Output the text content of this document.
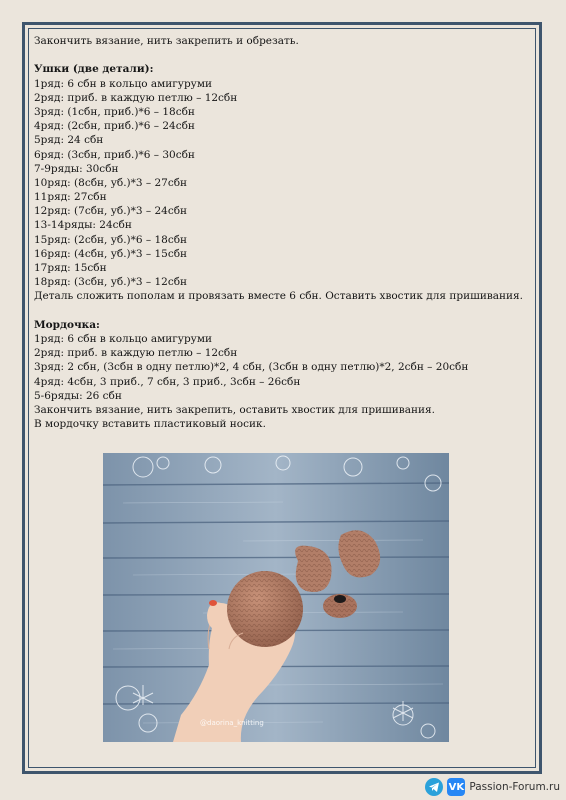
Закончить вязание, нить закрепить и обрезать.
Ушки (две детали):
1ряд: 6 сбн в кольцо амигуруми
2ряд: приб. в каждую петлю – 12сбн
3ряд: (1сбн, приб.)*6 – 18сбн
4ряд: (2сбн, приб.)*6 – 24сбн
5ряд: 24 сбн
6ряд: (3сбн, приб.)*6 – 30сбн
7-9ряды: 30сбн
10ряд: (8сбн, уб.)*3 – 27сбн
11ряд: 27сбн
12ряд: (7сбн, уб.)*3 – 24сбн
13-14ряды: 24сбн
15ряд: (2сбн, уб.)*6 – 18сбн
16ряд: (4сбн, уб.)*3 – 15сбн
17ряд: 15сбн
18ряд: (3сбн, уб.)*3 – 12сбн
Деталь сложить пополам и провязать вместе 6 сбн. Оставить хвостик для пришивания.
Мордочка:
1ряд: 6 сбн в кольцо амигуруми
2ряд: приб. в каждую петлю – 12сбн
3ряд: 2 сбн, (3сбн в одну петлю)*2, 4 сбн, (3сбн в одну петлю)*2, 2сбн – 20сбн
4ряд: 4сбн, 3 приб., 7 сбн, 3 приб., 3сбн – 26сбн
5-6ряды: 26 сбн
Закончить вязание, нить закрепить, оставить хвостик для пришивания.
В мордочку вставить пластиковый носик.
@daorina_knitting
VK Passion-Forum.ru
